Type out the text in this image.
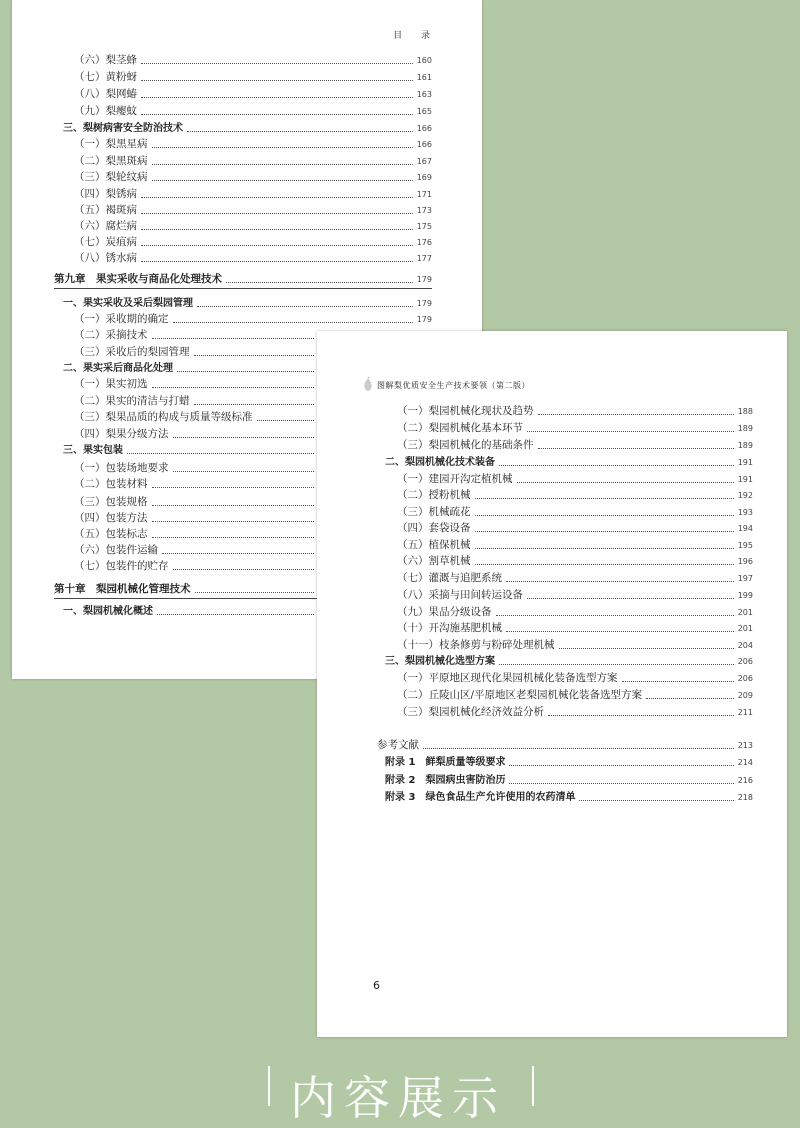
目 录
（六）梨茎蜂	160
（七）黄粉蚜	161
（八）梨网蝽	163
（九）梨瘿蚊	165
三、梨树病害安全防治技术	166
（一）梨黑星病	166
（二）梨黑斑病	167
（三）梨轮纹病	169
（四）梨锈病	171
（五）褐斑病	173
（六）腐烂病	175
（七）炭疽病	176
（八）锈水病	177
第九章　果实采收与商品化处理技术	179
一、果实采收及采后梨园管理	179
（一）采收期的确定	179
（二）采摘技术
（三）采收后的梨园管理
二、果实采后商品化处理
（一）果实初选
（二）果实的清洁与打蜡
（三）梨果品质的构成与质量等级标准
（四）梨果分级方法
三、果实包装
（一）包装场地要求
（二）包装材料
（三）包装规格
（四）包装方法
（五）包装标志
（六）包装件运输
（七）包装件的贮存
第十章　梨园机械化管理技术
一、梨园机械化概述
图解梨优质安全生产技术要领（第二版）
（一）梨园机械化现状及趋势	188
（二）梨园机械化基本环节	189
（三）梨园机械化的基础条件	189
二、梨园机械化技术装备	191
（一）建园开沟定植机械	191
（二）授粉机械	192
（三）机械疏花	193
（四）套袋设备	194
（五）植保机械	195
（六）割草机械	196
（七）灌溉与追肥系统	197
（八）采摘与田间转运设备	199
（九）果品分级设备	201
（十）开沟施基肥机械	201
（十一）枝条修剪与粉碎处理机械	204
三、梨园机械化选型方案	206
（一）平原地区现代化果园机械化装备选型方案	206
（二）丘陵山区/平原地区老梨园机械化装备选型方案	209
（三）梨园机械化经济效益分析	211
参考文献	213
附录 1　鲜梨质量等级要求	214
附录 2　梨园病虫害防治历	216
附录 3　绿色食品生产允许使用的农药清单	218
6
内容展示
